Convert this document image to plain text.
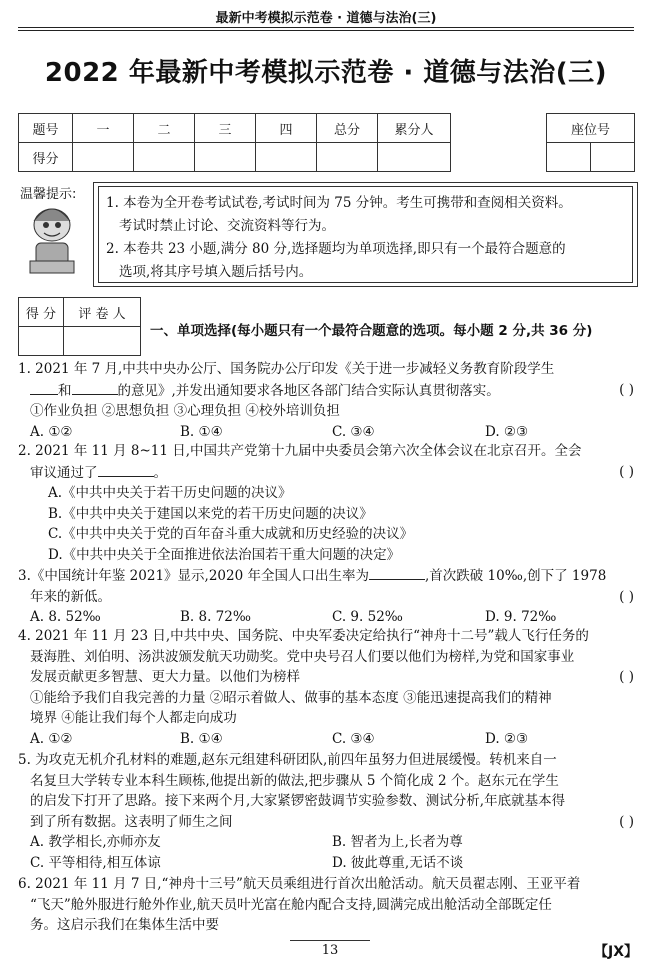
最新中考模拟示范卷 · 道德与法治(三)
2022 年最新中考模拟示范卷 · 道德与法治(三)
题号	一	二	三	四	总分	累分人
得分						
座位号

温馨提示:
1. 本卷为全开卷考试试卷,考试时间为 75 分钟。考生可携带和查阅相关资料。
考试时禁止讨论、交流资料等行为。
2. 本卷共 23 小题,满分 80 分,选择题均为单项选择,即只有一个最符合题意的
选项,将其序号填入题后括号内。
得 分	评 卷 人

一、单项选择(每小题只有一个最符合题意的选项。每小题 2 分,共 36 分)
1. 2021 年 7 月,中共中央办公厅、国务院办公厅印发《关于进一步减轻义务教育阶段学生
和	的意见》,并发出通知要求各地区各部门结合实际认真贯彻落实。	( )
①作业负担 ②思想负担 ③心理负担 ④校外培训负担
A. ①②	B. ①④	C. ③④	D. ②③
2. 2021 年 11 月 8~11 日,中国共产党第十九届中央委员会第六次全体会议在北京召开。全会
审议通过了	。	( )
A.《中共中央关于若干历史问题的决议》
B.《中共中央关于建国以来党的若干历史问题的决议》
C.《中共中央关于党的百年奋斗重大成就和历史经验的决议》
D.《中共中央关于全面推进依法治国若干重大问题的决定》
3.《中国统计年鉴 2021》显示,2020 年全国人口出生率为	,首次跌破 10‰,创下了 1978
年来的新低。	( )
A. 8. 52‰	B. 8. 72‰	C. 9. 52‰	D. 9. 72‰
4. 2021 年 11 月 23 日,中共中央、国务院、中央军委决定给执行“神舟十二号”载人飞行任务的
聂海胜、刘伯明、汤洪波颁发航天功勋奖。党中央号召人们要以他们为榜样,为党和国家事业
发展贡献更多智慧、更大力量。以他们为榜样	( )
①能给予我们自我完善的力量 ②昭示着做人、做事的基本态度 ③能迅速提高我们的精神
境界 ④能让我们每个人都走向成功
A. ①②	B. ①④	C. ③④	D. ②③
5. 为攻克无机介孔材料的难题,赵东元组建科研团队,前四年虽努力但进展缓慢。转机来自一
名复旦大学转专业本科生顾栋,他提出新的做法,把步骤从 5 个简化成 2 个。赵东元在学生
的启发下打开了思路。接下来两个月,大家紧锣密鼓调节实验参数、测试分析,年底就基本得
到了所有数据。这表明了师生之间	( )
A. 教学相长,亦师亦友	B. 智者为上,长者为尊
C. 平等相待,相互体谅	D. 彼此尊重,无话不谈
6. 2021 年 11 月 7 日,“神舟十三号”航天员乘组进行首次出舱活动。航天员翟志刚、王亚平着
“飞天”舱外服进行舱外作业,航天员叶光富在舱内配合支持,圆满完成出舱活动全部既定任
务。这启示我们在集体生活中要
13	【JX】
